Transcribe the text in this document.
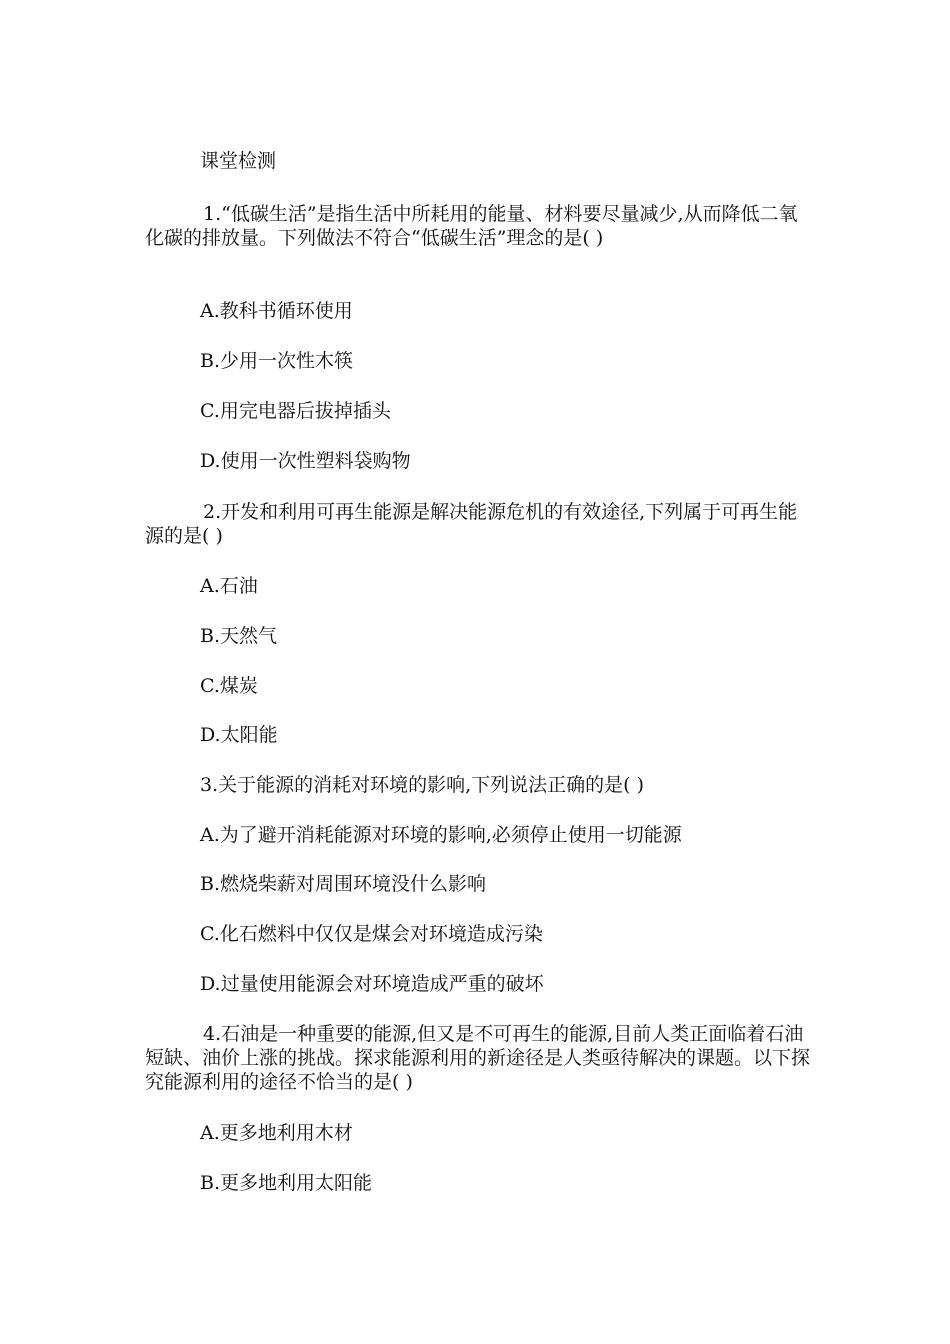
课堂检测
1.“低碳生活”是指生活中所耗用的能量、材料要尽量减少,从而降低二氧化碳的排放量。下列做法不符合“低碳生活”理念的是( )
A.教科书循环使用
B.少用一次性木筷
C.用完电器后拔掉插头
D.使用一次性塑料袋购物
2.开发和利用可再生能源是解决能源危机的有效途径,下列属于可再生能源的是( )
A.石油
B.天然气
C.煤炭
D.太阳能
3.关于能源的消耗对环境的影响,下列说法正确的是( )
A.为了避开消耗能源对环境的影响,必须停止使用一切能源
B.燃烧柴薪对周围环境没什么影响
C.化石燃料中仅仅是煤会对环境造成污染
D.过量使用能源会对环境造成严重的破坏
4.石油是一种重要的能源,但又是不可再生的能源,目前人类正面临着石油短缺、油价上涨的挑战。探求能源利用的新途径是人类亟待解决的课题。以下探究能源利用的途径不恰当的是( )
A.更多地利用木材
B.更多地利用太阳能
